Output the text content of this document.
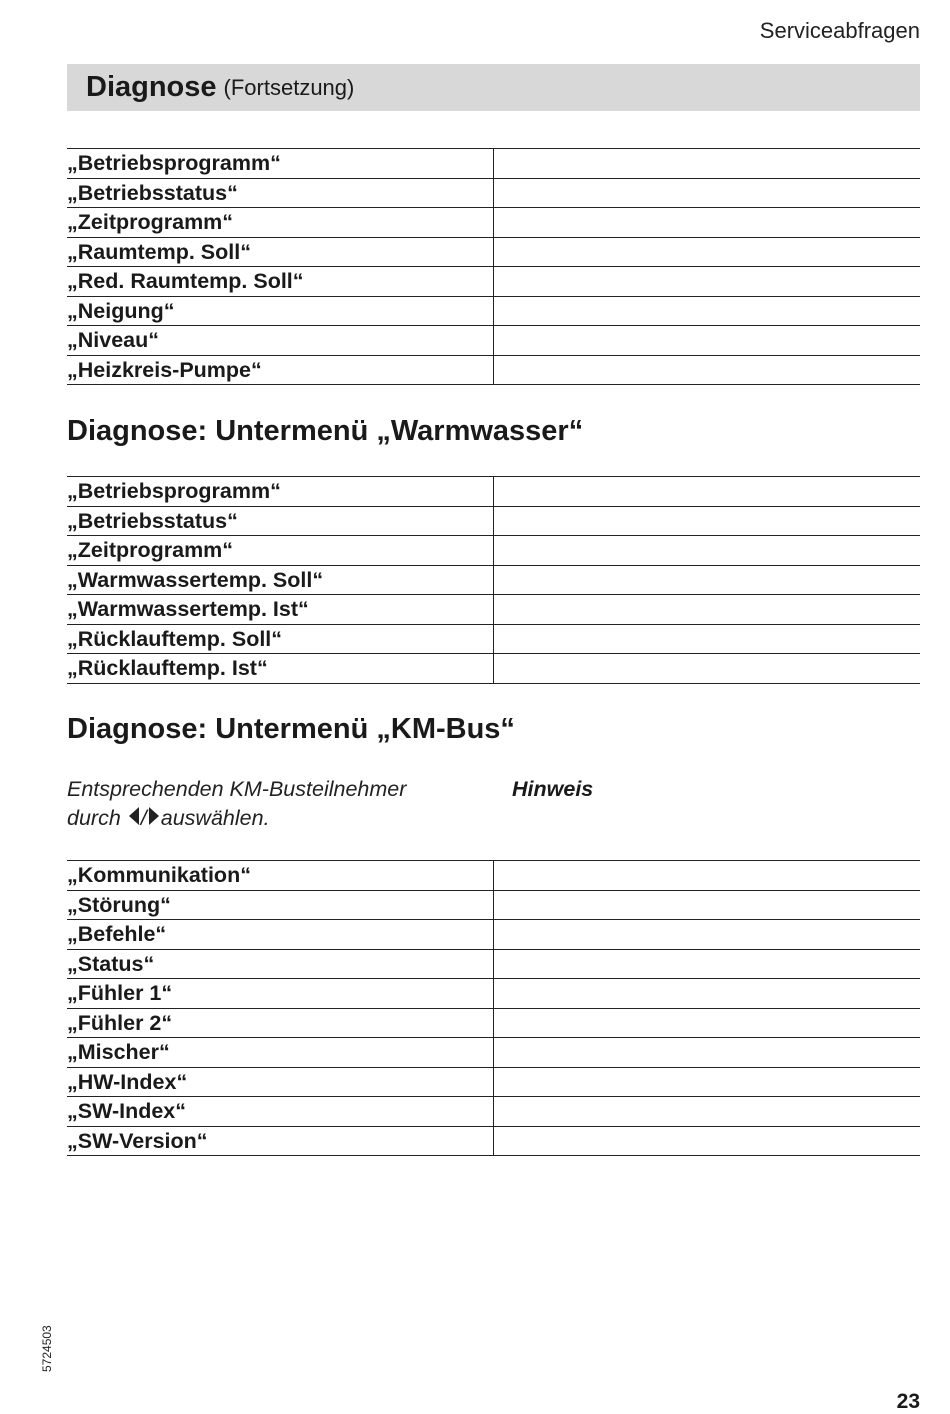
Serviceabfragen
Diagnose (Fortsetzung)
„Betriebsprogramm“
„Betriebsstatus“
„Zeitprogramm“
„Raumtemp. Soll“
„Red. Raumtemp. Soll“
„Neigung“
„Niveau“
„Heizkreis-Pumpe“
Diagnose: Untermenü „Warmwasser“
„Betriebsprogramm“
„Betriebsstatus“
„Zeitprogramm“
„Warmwassertemp. Soll“
„Warmwassertemp. Ist“
„Rücklauftemp. Soll“
„Rücklauftemp. Ist“
Diagnose: Untermenü „KM-Bus“
Entsprechenden KM-Busteilnehmer
durch / auswählen.
Hinweis
„Kommunikation“
„Störung“
„Befehle“
„Status“
„Fühler 1“
„Fühler 2“
„Mischer“
„HW-Index“
„SW-Index“
„SW-Version“
5724503
23
